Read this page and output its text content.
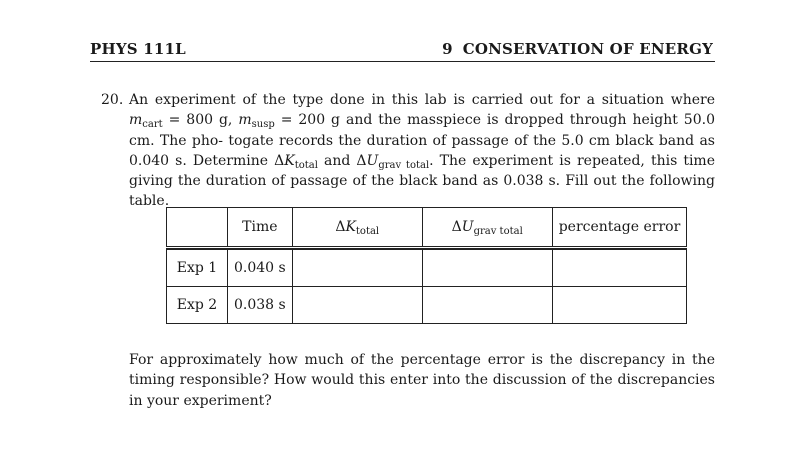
PHYS 111L	9 CONSERVATION OF ENERGY
20. An experiment of the type done in this lab is carried out for a situation where $m_{cart} = 800$ g, $m_{susp} = 200$ g and the masspiece is dropped through height 50.0 cm. The pho- togate records the duration of passage of the 5.0 cm black band as 0.040 s. Determine $\Delta K_{total}$ and $\Delta U_{grav total}$. The experiment is repeated, this time giving the duration of passage of the black band as 0.038 s. Fill out the following table.
	Time	$\Delta K_{total}$	$\Delta U_{grav total}$	percentage error

Exp 1	0.040 s			
Exp 2	0.038 s			
For approximately how much of the percentage error is the discrepancy in the timing responsible? How would this enter into the discussion of the discrepancies in your experiment?
